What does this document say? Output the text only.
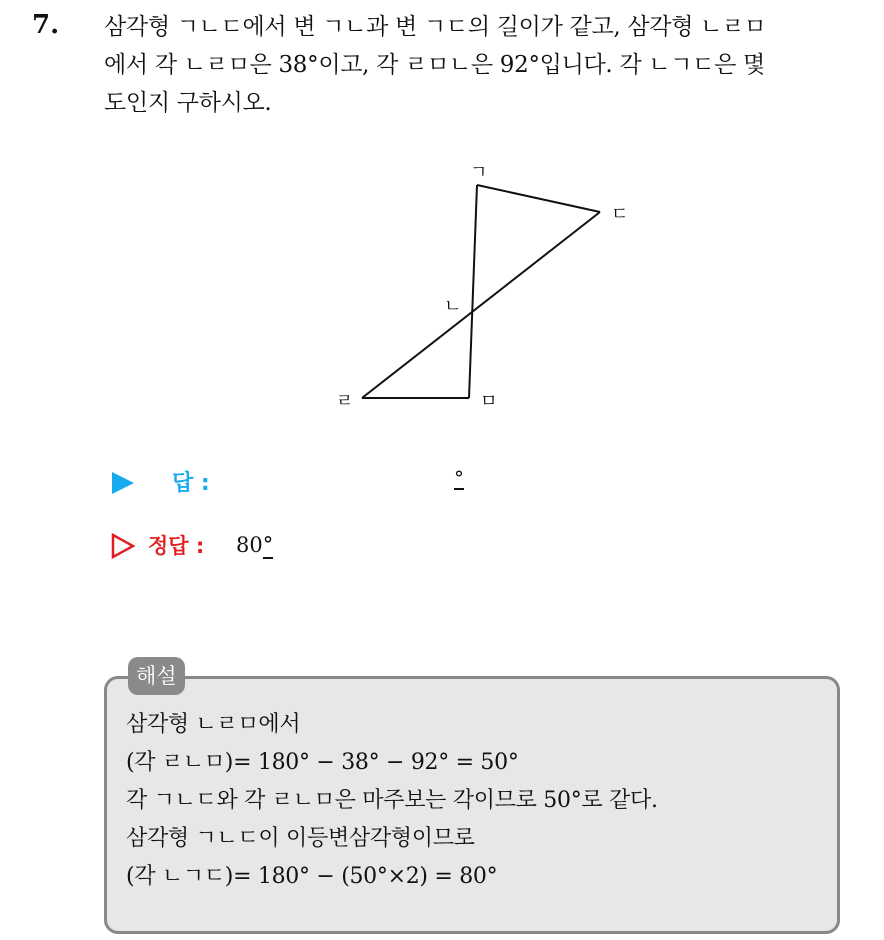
7. 삼각형 ㄱㄴㄷ에서 변 ㄱㄴ과 변 ㄱㄷ의 길이가 같고, 삼각형 ㄴㄹㅁ
에서 각 ㄴㄹㅁ은 38°이고, 각 ㄹㅁㄴ은 92°입니다. 각 ㄴㄱㄷ은 몇
도인지 구하시오.
ㄱ
ㄷ
ㄴ
ㄹ	ㅁ
답 :	°
정답 : 80°
해설
삼각형 ㄴㄹㅁ에서
(각 ㄹㄴㅁ)= 180° − 38° − 92° = 50°
각 ㄱㄴㄷ와 각 ㄹㄴㅁ은 마주보는 각이므로 50°로 같다.
삼각형 ㄱㄴㄷ이 이등변삼각형이므로
(각 ㄴㄱㄷ)= 180° − (50°×2) = 80°
